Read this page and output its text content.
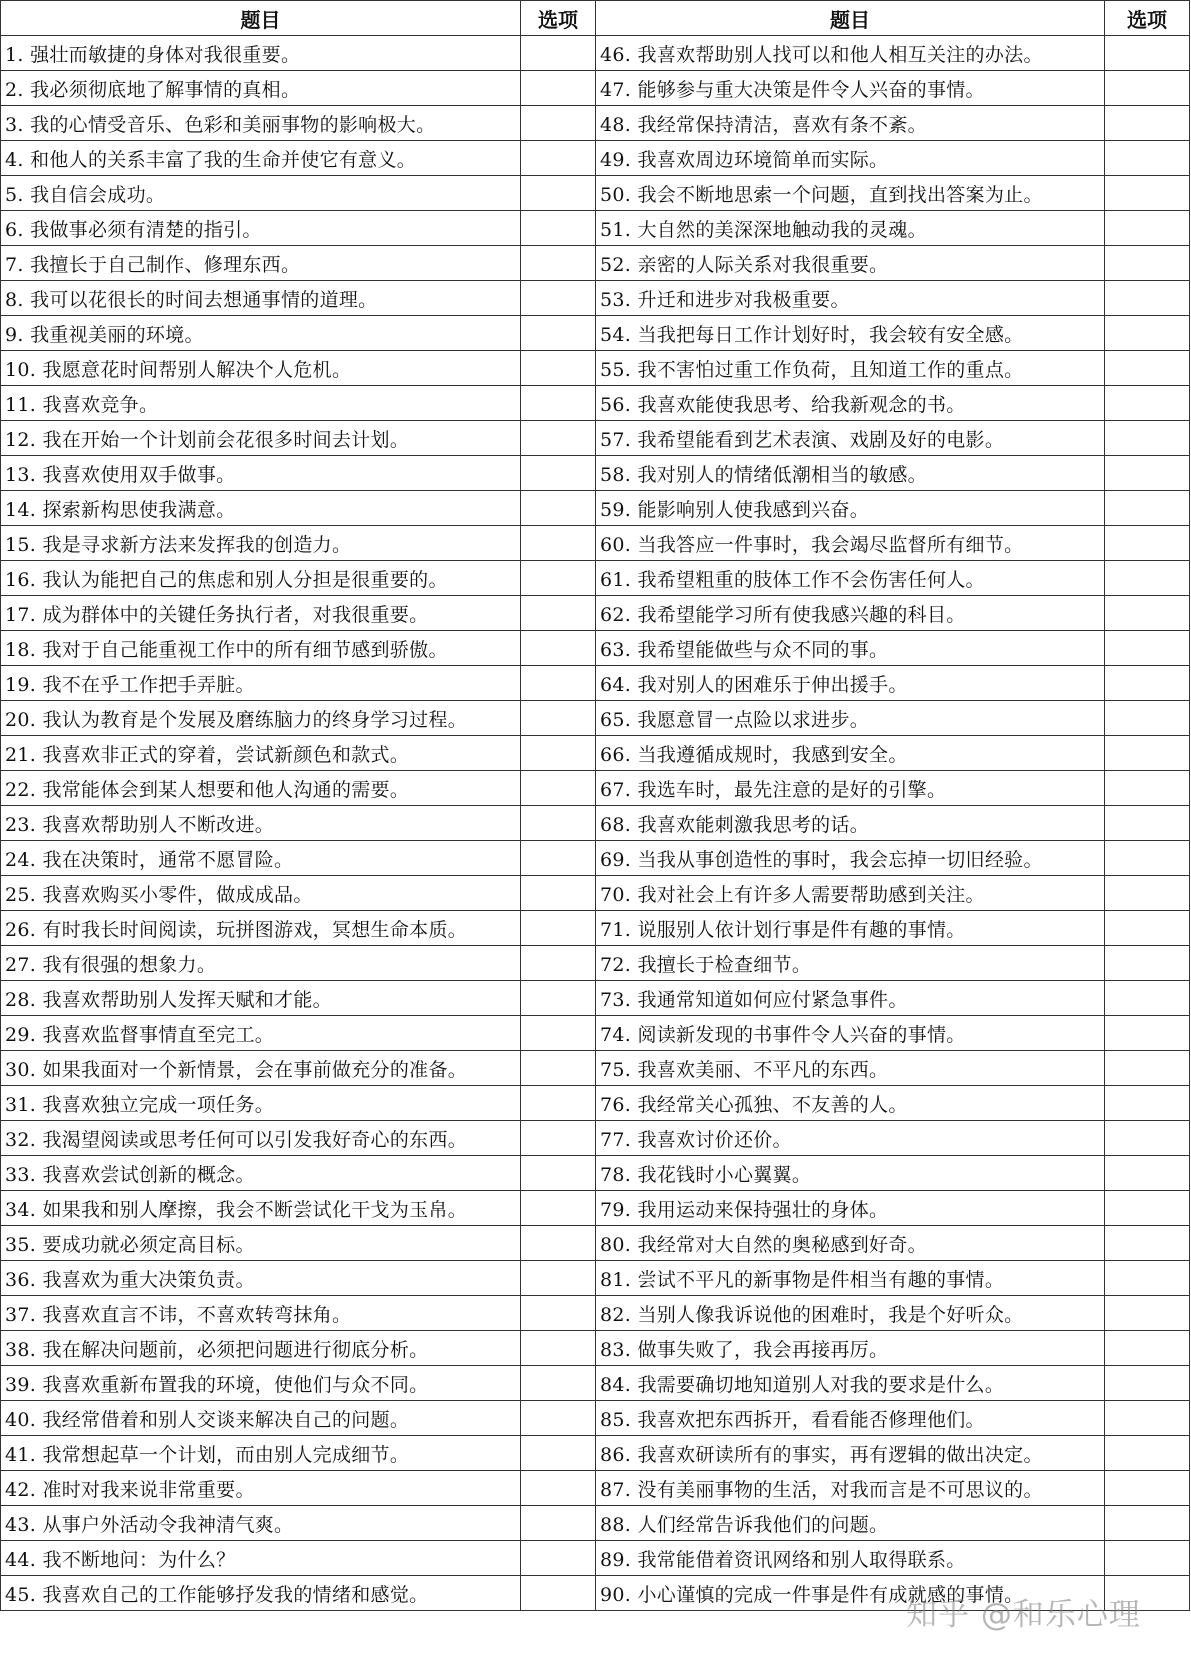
题目	选项	题目	选项
1. 强壮而敏捷的身体对我很重要。		46. 我喜欢帮助别人找可以和他人相互关注的办法。	
2. 我必须彻底地了解事情的真相。		47. 能够参与重大决策是件令人兴奋的事情。	
3. 我的心情受音乐、色彩和美丽事物的影响极大。		48. 我经常保持清洁，喜欢有条不紊。	
4. 和他人的关系丰富了我的生命并使它有意义。		49. 我喜欢周边环境简单而实际。	
5. 我自信会成功。		50. 我会不断地思索一个问题，直到找出答案为止。	
6. 我做事必须有清楚的指引。		51. 大自然的美深深地触动我的灵魂。	
7. 我擅长于自己制作、修理东西。		52. 亲密的人际关系对我很重要。	
8. 我可以花很长的时间去想通事情的道理。		53. 升迁和进步对我极重要。	
9. 我重视美丽的环境。		54. 当我把每日工作计划好时，我会较有安全感。	
10. 我愿意花时间帮别人解决个人危机。		55. 我不害怕过重工作负荷，且知道工作的重点。	
11. 我喜欢竞争。		56. 我喜欢能使我思考、给我新观念的书。	
12. 我在开始一个计划前会花很多时间去计划。		57. 我希望能看到艺术表演、戏剧及好的电影。	
13. 我喜欢使用双手做事。		58. 我对别人的情绪低潮相当的敏感。	
14. 探索新构思使我满意。		59. 能影响别人使我感到兴奋。	
15. 我是寻求新方法来发挥我的创造力。		60. 当我答应一件事时，我会竭尽监督所有细节。	
16. 我认为能把自己的焦虑和别人分担是很重要的。		61. 我希望粗重的肢体工作不会伤害任何人。	
17. 成为群体中的关键任务执行者，对我很重要。		62. 我希望能学习所有使我感兴趣的科目。	
18. 我对于自己能重视工作中的所有细节感到骄傲。		63. 我希望能做些与众不同的事。	
19. 我不在乎工作把手弄脏。		64. 我对别人的困难乐于伸出援手。	
20. 我认为教育是个发展及磨练脑力的终身学习过程。		65. 我愿意冒一点险以求进步。	
21. 我喜欢非正式的穿着，尝试新颜色和款式。		66. 当我遵循成规时，我感到安全。	
22. 我常能体会到某人想要和他人沟通的需要。		67. 我选车时，最先注意的是好的引擎。	
23. 我喜欢帮助别人不断改进。		68. 我喜欢能刺激我思考的话。	
24. 我在决策时，通常不愿冒险。		69. 当我从事创造性的事时，我会忘掉一切旧经验。	
25. 我喜欢购买小零件，做成成品。		70. 我对社会上有许多人需要帮助感到关注。	
26. 有时我长时间阅读，玩拼图游戏，冥想生命本质。		71. 说服别人依计划行事是件有趣的事情。	
27. 我有很强的想象力。		72. 我擅长于检查细节。	
28. 我喜欢帮助别人发挥天赋和才能。		73. 我通常知道如何应付紧急事件。	
29. 我喜欢监督事情直至完工。		74. 阅读新发现的书事件令人兴奋的事情。	
30. 如果我面对一个新情景，会在事前做充分的准备。		75. 我喜欢美丽、不平凡的东西。	
31. 我喜欢独立完成一项任务。		76. 我经常关心孤独、不友善的人。	
32. 我渴望阅读或思考任何可以引发我好奇心的东西。		77. 我喜欢讨价还价。	
33. 我喜欢尝试创新的概念。		78. 我花钱时小心翼翼。	
34. 如果我和别人摩擦，我会不断尝试化干戈为玉帛。		79. 我用运动来保持强壮的身体。	
35. 要成功就必须定高目标。		80. 我经常对大自然的奥秘感到好奇。	
36. 我喜欢为重大决策负责。		81. 尝试不平凡的新事物是件相当有趣的事情。	
37. 我喜欢直言不讳，不喜欢转弯抹角。		82. 当别人像我诉说他的困难时，我是个好听众。	
38. 我在解决问题前，必须把问题进行彻底分析。		83. 做事失败了，我会再接再厉。	
39. 我喜欢重新布置我的环境，使他们与众不同。		84. 我需要确切地知道别人对我的要求是什么。	
40. 我经常借着和别人交谈来解决自己的问题。		85. 我喜欢把东西拆开，看看能否修理他们。	
41. 我常想起草一个计划，而由别人完成细节。		86. 我喜欢研读所有的事实，再有逻辑的做出决定。	
42. 准时对我来说非常重要。		87. 没有美丽事物的生活，对我而言是不可思议的。	
43. 从事户外活动令我神清气爽。		88. 人们经常告诉我他们的问题。	
44. 我不断地问：为什么？		89. 我常能借着资讯网络和别人取得联系。	
45. 我喜欢自己的工作能够抒发我的情绪和感觉。		90. 小心谨慎的完成一件事是件有成就感的事情。	
知乎 @和乐心理
